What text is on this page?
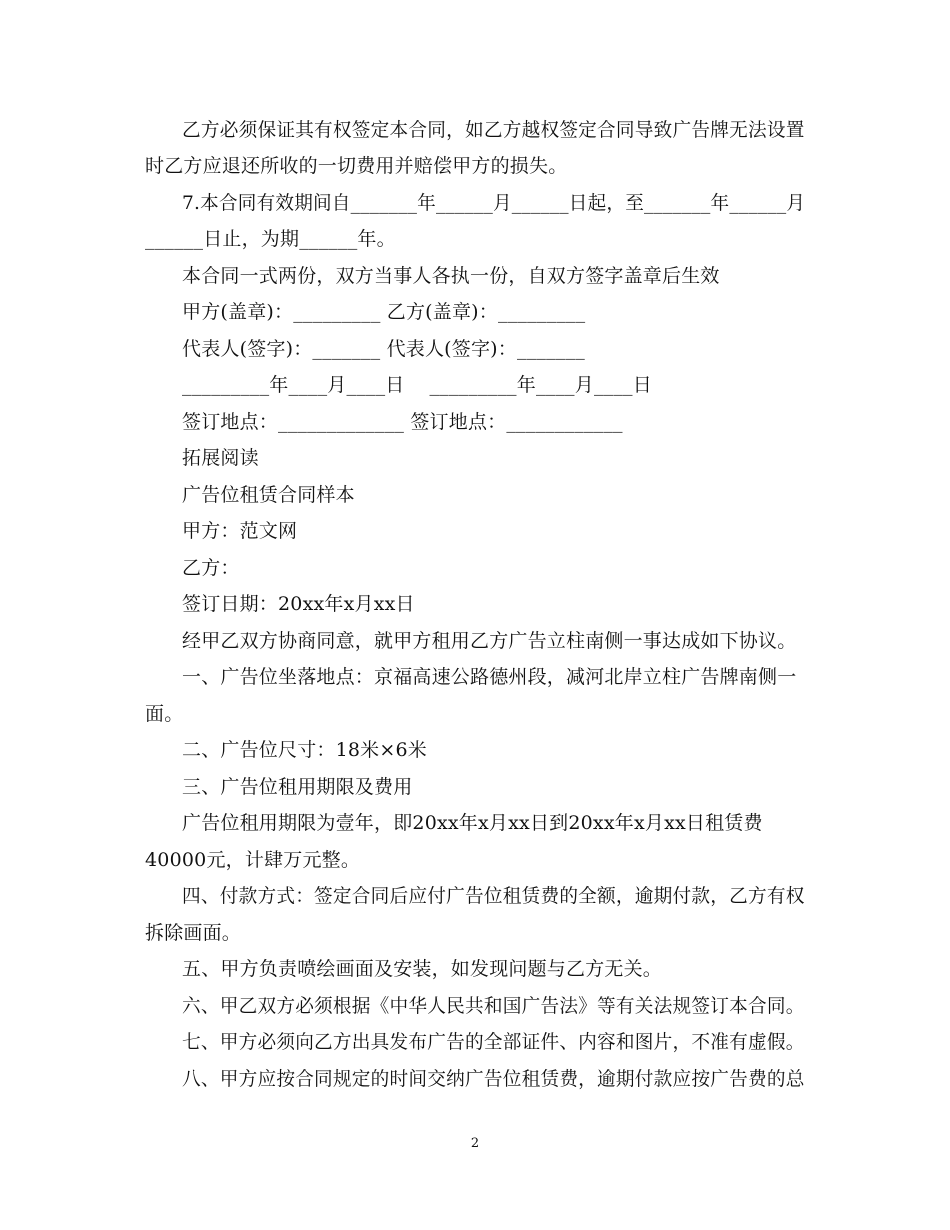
乙方必须保证其有权签定本合同，如乙方越权签定合同导致广告牌无法设置
时乙方应退还所收的一切费用并赔偿甲方的损失。
7.本合同有效期间自_______年______月______日起，至_______年______月
______日止，为期______年。
本合同一式两份，双方当事人各执一份，自双方签字盖章后生效
甲方(盖章)：_________ 乙方(盖章)：_________
代表人(签字)：_______ 代表人(签字)：_______
_________年____月____日    _________年____月____日
签订地点：_____________ 签订地点：____________
拓展阅读
广告位租赁合同样本
甲方：范文网
乙方：
签订日期：20xx年x月xx日
经甲乙双方协商同意，就甲方租用乙方广告立柱南侧一事达成如下协议。
一、广告位坐落地点：京福高速公路德州段，减河北岸立柱广告牌南侧一
面。
二、广告位尺寸：18米×6米
三、广告位租用期限及费用
广告位租用期限为壹年，即20xx年x月xx日到20xx年x月xx日租赁费
40000元，计肆万元整。
四、付款方式：签定合同后应付广告位租赁费的全额，逾期付款，乙方有权
拆除画面。
五、甲方负责喷绘画面及安装，如发现问题与乙方无关。
六、甲乙双方必须根据《中华人民共和国广告法》等有关法规签订本合同。
七、甲方必须向乙方出具发布广告的全部证件、内容和图片，不准有虚假。
八、甲方应按合同规定的时间交纳广告位租赁费，逾期付款应按广告费的总
2
